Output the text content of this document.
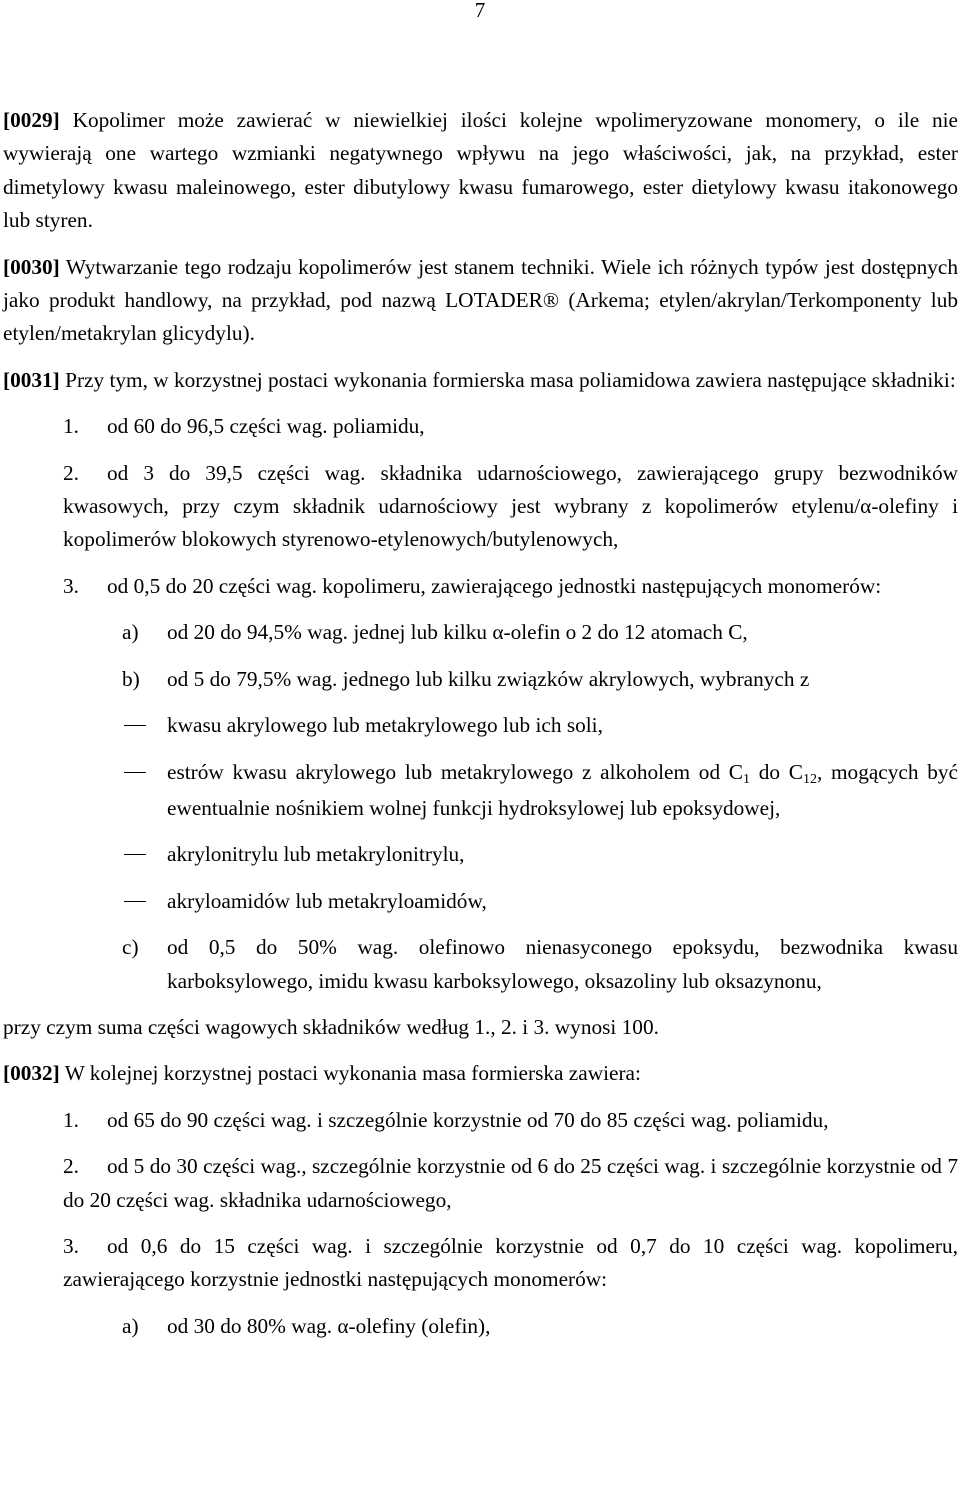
7

[0029] Kopolimer może zawierać w niewielkiej ilości kolejne wpolimeryzowane monomery, o ile nie wywierają one wartego wzmianki negatywnego wpływu na jego właściwości, jak, na przykład, ester dimetylowy kwasu maleinowego, ester dibutylowy kwasu fumarowego, ester dietylowy kwasu itakonowego lub styren.

[0030] Wytwarzanie tego rodzaju kopolimerów jest stanem techniki. Wiele ich różnych typów jest dostępnych jako produkt handlowy, na przykład, pod nazwą LOTADER® (Arkema; etylen/akrylan/Terkomponenty lub etylen/metakrylan glicydylu).

[0031] Przy tym, w korzystnej postaci wykonania formierska masa poliamidowa zawiera następujące składniki:

1.	od 60 do 96,5 części wag. poliamidu,
2.	od 3 do 39,5 części wag. składnika udarnościowego, zawierającego grupy bezwodników kwasowych, przy czym składnik udarnościowy jest wybrany z kopolimerów etylenu/α-olefiny i kopolimerów blokowych styrenowo-etylenowych/butylenowych,
3.	od 0,5 do 20 części wag. kopolimeru, zawierającego jednostki następujących monomerów:
a)	od 20 do 94,5% wag. jednej lub kilku α-olefin o 2 do 12 atomach C,
b)	od 5 do 79,5% wag. jednego lub kilku związków akrylowych, wybranych z
kwasu akrylowego lub metakrylowego lub ich soli,
estrów kwasu akrylowego lub metakrylowego z alkoholem od $C_1$ do $C_{12}$, mogących być ewentualnie nośnikiem wolnej funkcji hydroksylowej lub epoksydowej,
akrylonitrylu lub metakrylonitrylu,
akryloamidów lub metakryloamidów,
c)	od 0,5 do 50% wag. olefinowo nienasyconego epoksydu, bezwodnika kwasu karboksylowego, imidu kwasu karboksylowego, oksazoliny lub oksazynonu,

przy czym suma części wagowych składników według 1., 2. i 3. wynosi 100.

[0032] W kolejnej korzystnej postaci wykonania masa formierska zawiera:

1.	od 65 do 90 części wag. i szczególnie korzystnie od 70 do 85 części wag. poliamidu,
2.	od 5 do 30 części wag., szczególnie korzystnie od 6 do 25 części wag. i szczególnie korzystnie od 7 do 20 części wag. składnika udarnościowego,
3.	od 0,6 do 15 części wag. i szczególnie korzystnie od 0,7 do 10 części wag. kopolimeru, zawierającego korzystnie jednostki następujących monomerów:
a)	od 30 do 80% wag. α-olefiny (olefin),
